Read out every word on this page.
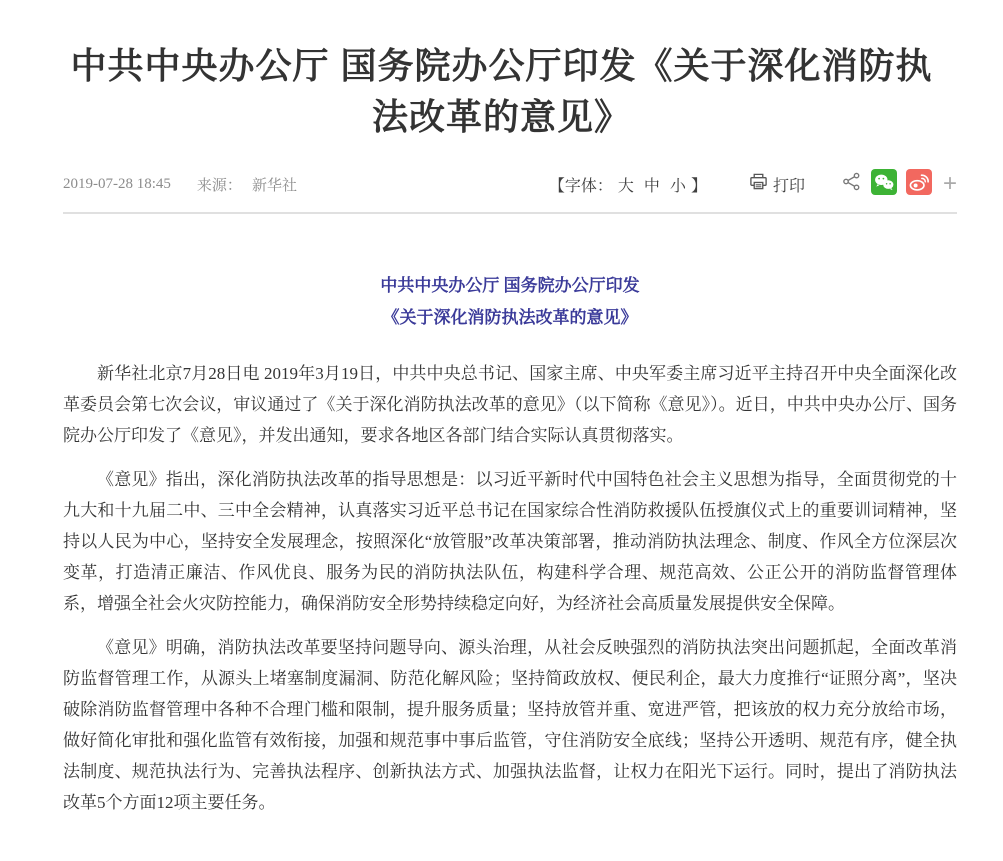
中共中央办公厅 国务院办公厅印发《关于深化消防执法改革的意见》
2019-07-28 18:45 来源： 新华社	【 字体： 大 中 小 】	打印	+
中共中央办公厅 国务院办公厅印发
《关于深化消防执法改革的意见》

新华社北京7月28日电 2019年3月19日，中共中央总书记、国家主席、中央军委主席习近平主持召开中央全面深化改革委员会第七次会议，审议通过了《关于深化消防执法改革的意见》（以下简称《意见》）。近日，中共中央办公厅、国务院办公厅印发了《意见》，并发出通知，要求各地区各部门结合实际认真贯彻落实。

《意见》指出，深化消防执法改革的指导思想是：以习近平新时代中国特色社会主义思想为指导，全面贯彻党的十九大和十九届二中、三中全会精神，认真落实习近平总书记在国家综合性消防救援队伍授旗仪式上的重要训词精神，坚持以人民为中心，坚持安全发展理念，按照深化“放管服”改革决策部署，推动消防执法理念、制度、作风全方位深层次变革，打造清正廉洁、作风优良、服务为民的消防执法队伍，构建科学合理、规范高效、公正公开的消防监督管理体系，增强全社会火灾防控能力，确保消防安全形势持续稳定向好，为经济社会高质量发展提供安全保障。

《意见》明确，消防执法改革要坚持问题导向、源头治理，从社会反映强烈的消防执法突出问题抓起，全面改革消防监督管理工作，从源头上堵塞制度漏洞、防范化解风险；坚持简政放权、便民利企，最大力度推行“证照分离”，坚决破除消防监督管理中各种不合理门槛和限制，提升服务质量；坚持放管并重、宽进严管，把该放的权力充分放给市场，做好简化审批和强化监管有效衔接，加强和规范事中事后监管，守住消防安全底线；坚持公开透明、规范有序，健全执法制度、规范执法行为、完善执法程序、创新执法方式、加强执法监督，让权力在阳光下运行。同时，提出了消防执法改革5个方面12项主要任务。
